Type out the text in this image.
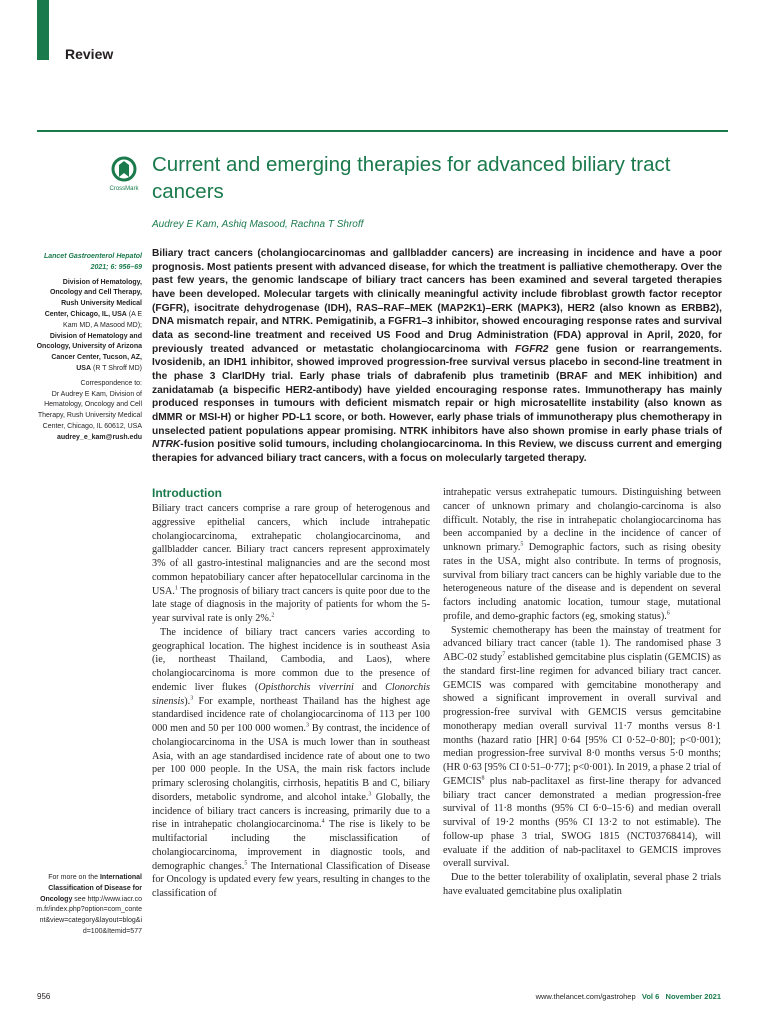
Review
CrossMark
Current and emerging therapies for advanced biliary tract cancers
Audrey E Kam, Ashiq Masood, Rachna T Shroff
Lancet Gastroenterol Hepatol
2021; 6: 956–69
Division of Hematology, Oncology and Cell Therapy, Rush University Medical Center, Chicago, IL, USA (A E Kam MD, A Masood MD); Division of Hematology and Oncology, University of Arizona Cancer Center, Tucson, AZ, USA (R T Shroff MD)
Correspondence to:
Dr Audrey E Kam, Division of Hematology, Oncology and Cell Therapy, Rush University Medical Center, Chicago, IL 60612, USA
audrey_e_kam@rush.edu
For more on the International Classification of Disease for Oncology see http://www.iacr.com.fr/index.php?option=com_content&view=category&layout=blog&id=100&Itemid=577

Biliary tract cancers (cholangiocarcinomas and gallbladder cancers) are increasing in incidence and have a poor prognosis. Most patients present with advanced disease, for which the treatment is palliative chemotherapy. Over the past few years, the genomic landscape of biliary tract cancers has been examined and several targeted therapies have been developed. Molecular targets with clinically meaningful activity include fibroblast growth factor receptor (FGFR), isocitrate dehydrogenase (IDH), RAS–RAF–MEK (MAP2K1)–ERK (MAPK3), HER2 (also known as ERBB2), DNA mismatch repair, and NTRK. Pemigatinib, a FGFR1–3 inhibitor, showed encouraging response rates and survival data as second-line treatment and received US Food and Drug Administration (FDA) approval in April, 2020, for previously treated advanced or metastatic cholangiocarcinoma with FGFR2 gene fusion or rearrangements. Ivosidenib, an IDH1 inhibitor, showed improved progression-free survival versus placebo in second-line treatment in the phase 3 ClarIDHy trial. Early phase trials of dabrafenib plus trametinib (BRAF and MEK inhibition) and zanidatamab (a bispecific HER2-antibody) have yielded encouraging response rates. Immunotherapy has mainly produced responses in tumours with deficient mismatch repair or high microsatellite instability (also known as dMMR or MSI-H) or higher PD-L1 score, or both. However, early phase trials of immunotherapy plus chemotherapy in unselected patient populations appear promising. NTRK inhibitors have also shown promise in early phase trials of NTRK-fusion positive solid tumours, including cholangiocarcinoma. In this Review, we discuss current and emerging therapies for advanced biliary tract cancers, with a focus on molecularly targeted therapy.

Introduction

Biliary tract cancers comprise a rare group of heterogenous and aggressive epithelial cancers, which include intrahepatic cholangiocarcinoma, extrahepatic cholangiocarcinoma, and gallbladder cancer. Biliary tract cancers represent approximately 3% of all gastro-intestinal malignancies and are the second most common hepatobiliary cancer after hepatocellular carcinoma in the USA.$^1$ The prognosis of biliary tract cancers is quite poor due to the late stage of diagnosis in the majority of patients for whom the 5-year survival rate is only 2%.$^2$

The incidence of biliary tract cancers varies according to geographical location. The highest incidence is in southeast Asia (ie, northeast Thailand, Cambodia, and Laos), where cholangiocarcinoma is more common due to the presence of endemic liver flukes (Opisthorchis viverrini and Clonorchis sinensis).$^3$ For example, northeast Thailand has the highest age standardised incidence rate of cholangiocarcinoma of 113 per 100 000 men and 50 per 100 000 women.$^3$ By contrast, the incidence of cholangiocarcinoma in the USA is much lower than in southeast Asia, with an age standardised incidence rate of about one to two per 100 000 people. In the USA, the main risk factors include primary sclerosing cholangitis, cirrhosis, hepatitis B and C, biliary disorders, metabolic syndrome, and alcohol intake.$^3$ Globally, the incidence of biliary tract cancers is increasing, primarily due to a rise in intrahepatic cholangiocarcinoma.$^4$ The rise is likely to be multifactorial including the misclassification of cholangiocarcinoma, improvement in diagnostic tools, and demographic changes.$^5$ The International Classification of Disease for Oncology is updated every few years, resulting in changes to the classification of

intrahepatic versus extrahepatic tumours. Distinguishing between cancer of unknown primary and cholangio-carcinoma is also difficult. Notably, the rise in intrahepatic cholangiocarcinoma has been accompanied by a decline in the incidence of cancer of unknown primary.$^5$ Demographic factors, such as rising obesity rates in the USA, might also contribute. In terms of prognosis, survival from biliary tract cancers can be highly variable due to the heterogeneous nature of the disease and is dependent on several factors including anatomic location, tumour stage, mutational profile, and demo-graphic factors (eg, smoking status).$^6$

Systemic chemotherapy has been the mainstay of treatment for advanced biliary tract cancer (table 1). The randomised phase 3 ABC-02 study$^7$ established gemcitabine plus cisplatin (GEMCIS) as the standard first-line regimen for advanced biliary tract cancer. GEMCIS was compared with gemcitabine monotherapy and showed a significant improvement in overall survival and progression-free survival with GEMCIS versus gemcitabine monotherapy median overall survival 11·7 months versus 8·1 months (hazard ratio [HR] 0·64 [95% CI 0·52–0·80]; p<0·001); median progression-free survival 8·0 months versus 5·0 months; (HR 0·63 [95% CI 0·51–0·77]; p<0·001). In 2019, a phase 2 trial of GEMCIS$^8$ plus nab-paclitaxel as first-line therapy for advanced biliary tract cancer demonstrated a median progression-free survival of 11·8 months (95% CI 6·0–15·6) and median overall survival of 19·2 months (95% CI 13·2 to not estimable). The follow-up phase 3 trial, SWOG 1815 (NCT03768414), will evaluate if the addition of nab-paclitaxel to GEMCIS improves overall survival.

Due to the better tolerability of oxaliplatin, several phase 2 trials have evaluated gemcitabine plus oxaliplatin

956	www.thelancet.com/gastrohep Vol 6 November 2021
